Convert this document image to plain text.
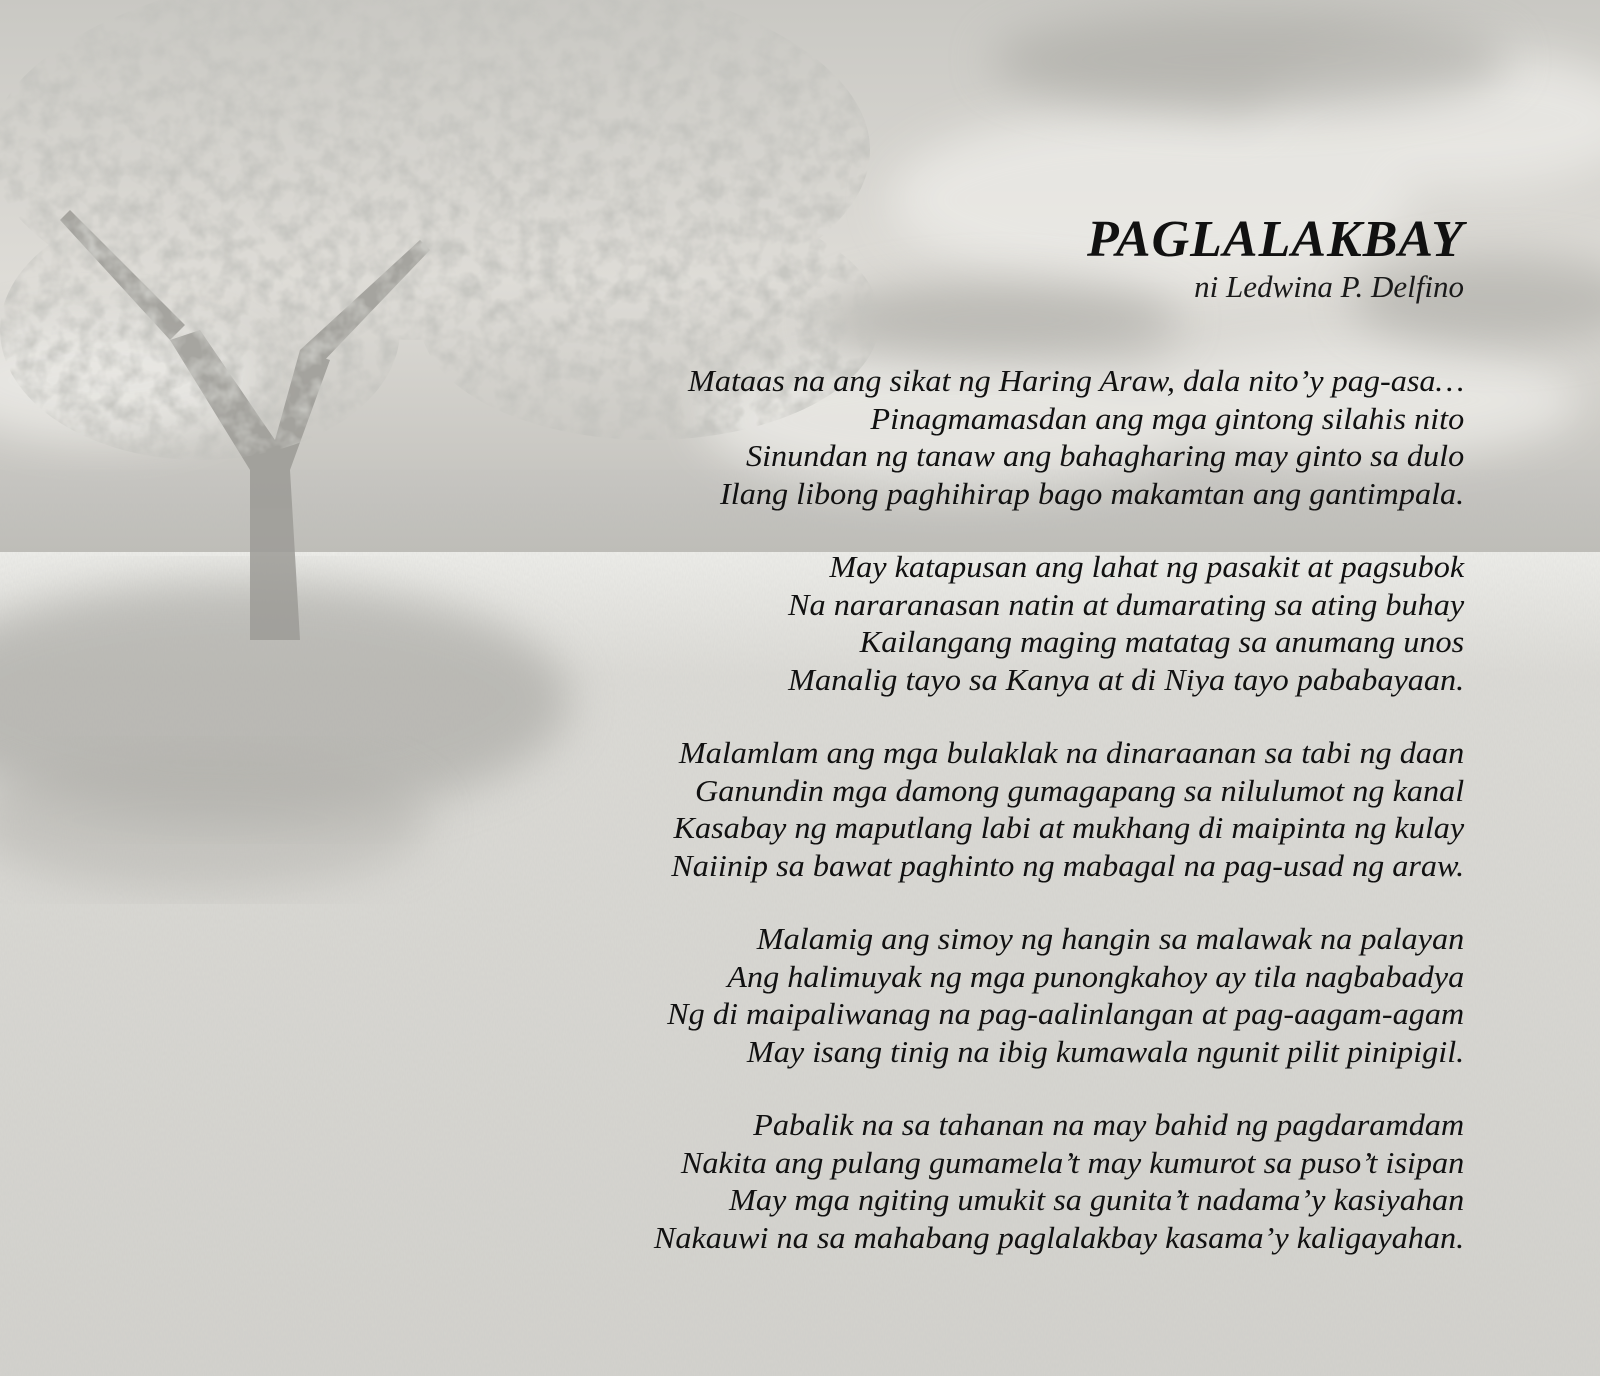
PAGLALAKBAY

ni Ledwina P. Delfino

Mataas na ang sikat ng Haring Araw, dala nito’y pag-asa…
Pinagmamasdan ang mga gintong silahis nito
Sinundan ng tanaw ang bahagharing may ginto sa dulo
Ilang libong paghihirap bago makamtan ang gantimpala.
May katapusan ang lahat ng pasakit at pagsubok
Na nararanasan natin at dumarating sa ating buhay
Kailangang maging matatag sa anumang unos
Manalig tayo sa Kanya at di Niya tayo pababayaan.
Malamlam ang mga bulaklak na dinaraanan sa tabi ng daan
Ganundin mga damong gumagapang sa nilulumot ng kanal
Kasabay ng maputlang labi at mukhang di maipinta ng kulay
Naiinip sa bawat paghinto ng mabagal na pag-usad ng araw.
Malamig ang simoy ng hangin sa malawak na palayan
Ang halimuyak ng mga punongkahoy ay tila nagbabadya
Ng di maipaliwanag na pag-aalinlangan at pag-aagam-agam
May isang tinig na ibig kumawala ngunit pilit pinipigil.
Pabalik na sa tahanan na may bahid ng pagdaramdam
Nakita ang pulang gumamela’t may kumurot sa puso’t isipan
May mga ngiting umukit sa gunita’t nadama’y kasiyahan
Nakauwi na sa mahabang paglalakbay kasama’y kaligayahan.
